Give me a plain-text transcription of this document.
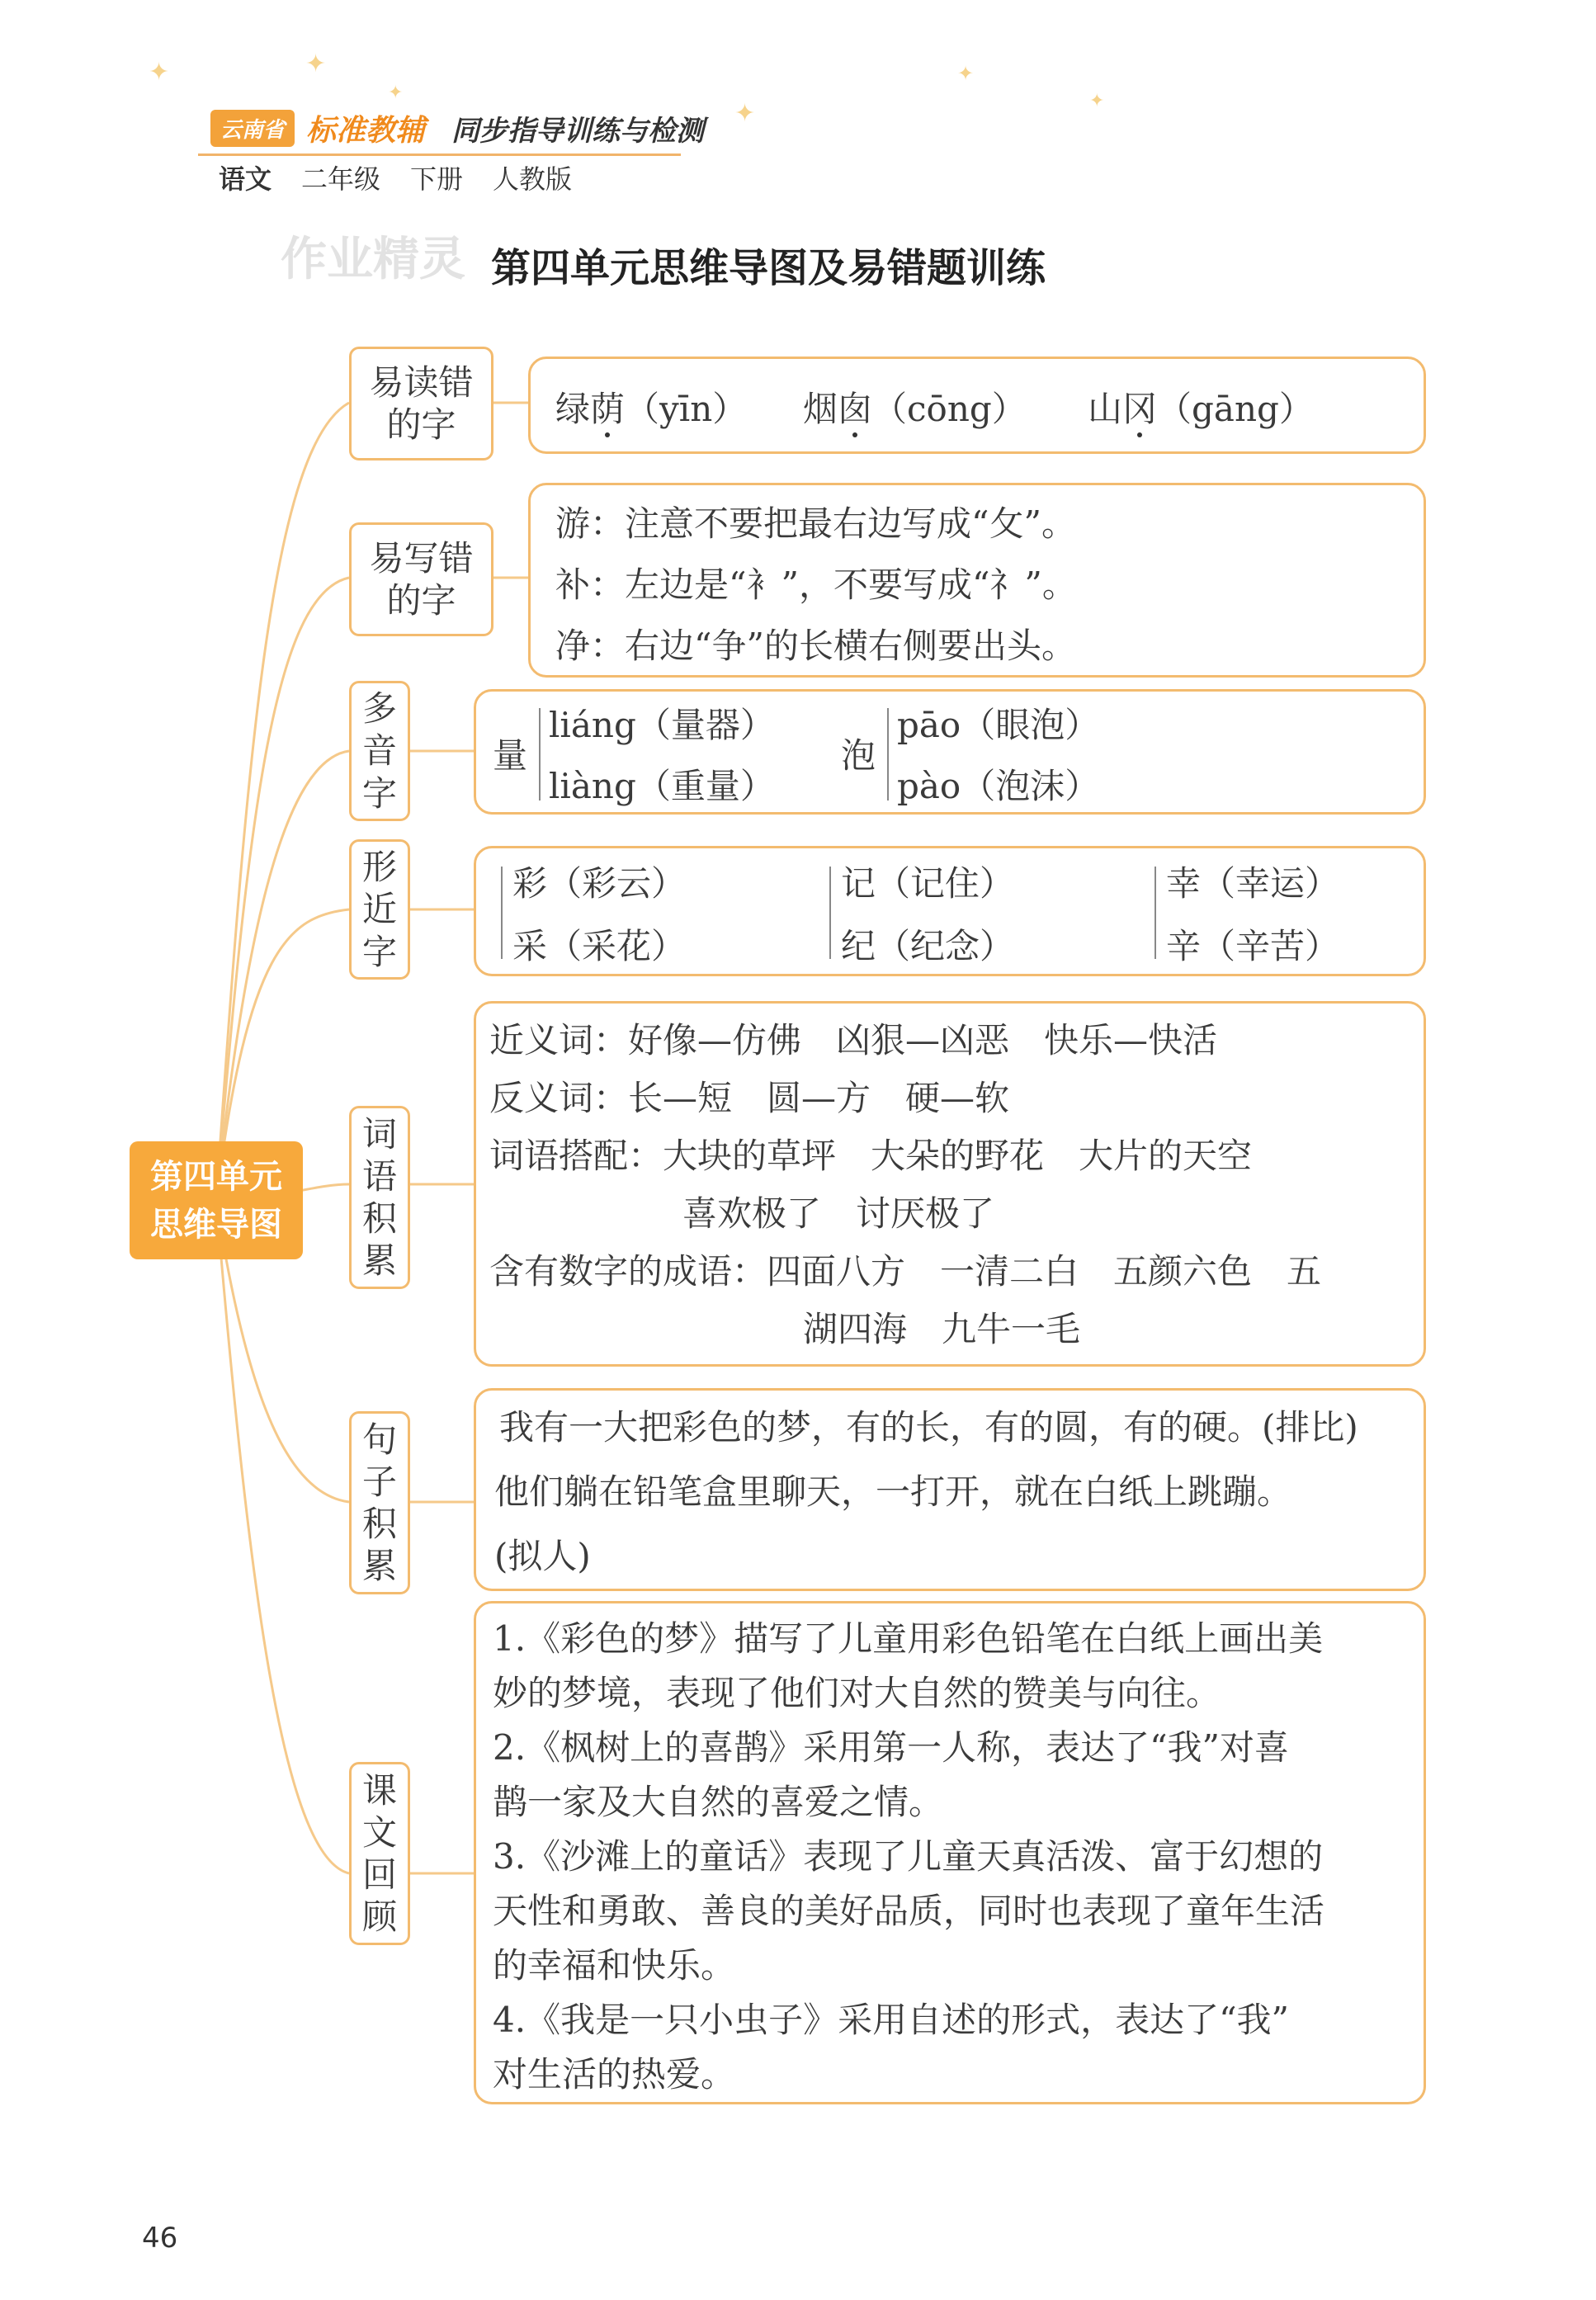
✦	✦
✦
✦
✦
✦
云南省 标准教辅 同步指导训练与检测
语文 二年级 下册 人教版
作业精灵 第四单元思维导图及易错题训练
第四单元
思维导图
易读错
的字	绿荫（yīn） 烟囱（cōng） 山冈（gāng）
易写错
的字
游：注意不要把最右边写成“攵”。
补：左边是“衤”，不要写成“礻”。
净：右边“争”的长横右侧要出头。
多
音
字
量
liáng（量器）
liàng（重量）
泡
pāo（眼泡）
pào（泡沫）
形
近
字
彩（彩云）
采（采花）
记（记住）
纪（纪念）
幸（幸运）
辛（辛苦）
词
语
积
累
近义词：好像—仿佛　凶狠—凶恶　快乐—快活
反义词：长—短　圆—方　硬—软
词语搭配：大块的草坪　大朵的野花　大片的天空
喜欢极了　讨厌极了
含有数字的成语：四面八方　一清二白　五颜六色　五
湖四海　九牛一毛
句
子
积
累
我有一大把彩色的梦，有的长，有的圆，有的硬。(排比)
他们躺在铅笔盒里聊天，一打开，就在白纸上跳蹦。
(拟人)
课
文
回
顾
1.《彩色的梦》描写了儿童用彩色铅笔在白纸上画出美
妙的梦境，表现了他们对大自然的赞美与向往。
2.《枫树上的喜鹊》采用第一人称，表达了“我”对喜
鹊一家及大自然的喜爱之情。
3.《沙滩上的童话》表现了儿童天真活泼、富于幻想的
天性和勇敢、善良的美好品质，同时也表现了童年生活
的幸福和快乐。
4.《我是一只小虫子》采用自述的形式，表达了“我”
对生活的热爱。
46
